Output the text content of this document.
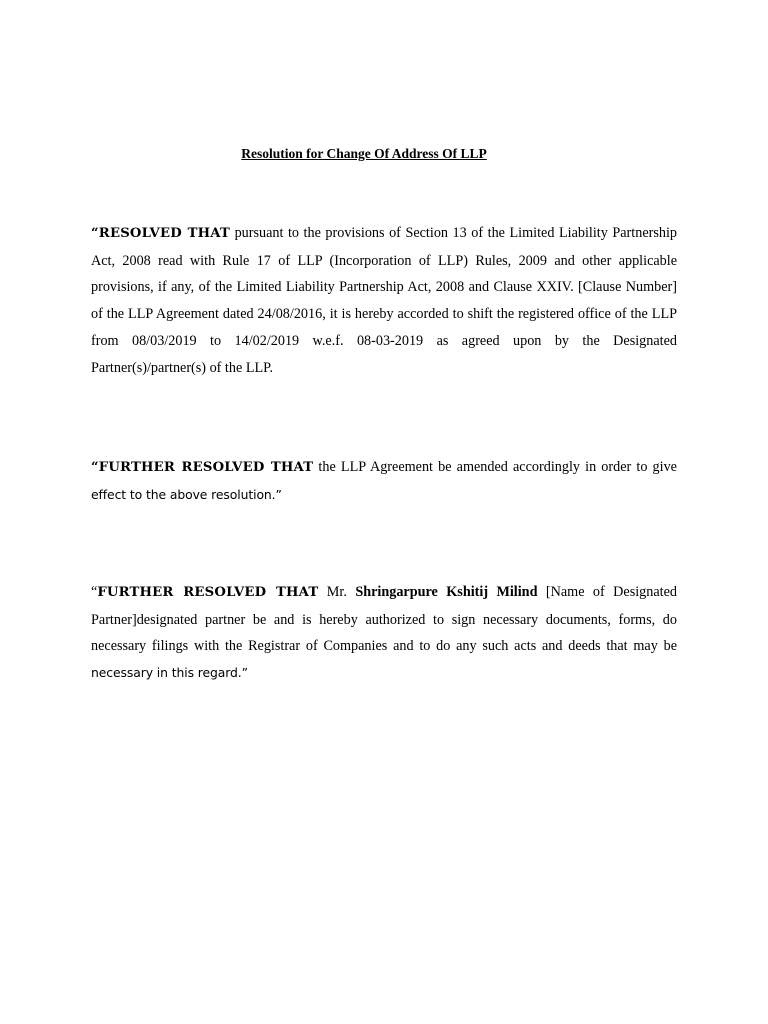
Resolution for Change Of Address Of LLP

“RESOLVED THAT pursuant to the provisions of Section 13 of the Limited Liability Partnership Act, 2008 read with Rule 17 of LLP (Incorporation of LLP) Rules, 2009 and other applicable provisions, if any, of the Limited Liability Partnership Act, 2008 and Clause XXIV. [Clause Number] of the LLP Agreement dated 24/08/2016, it is hereby accorded to shift the registered office of the LLP from 08/03/2019 to 14/02/2019 w.e.f. 08-03-2019 as agreed upon by the Designated Partner(s)/partner(s) of the LLP.

“FURTHER RESOLVED THAT the LLP Agreement be amended accordingly in order to give effect to the above resolution.”

“FURTHER RESOLVED THAT Mr. Shringarpure Kshitij Milind [Name of Designated Partner]designated partner be and is hereby authorized to sign necessary documents, forms, do necessary filings with the Registrar of Companies and to do any such acts and deeds that may be necessary in this regard.”
